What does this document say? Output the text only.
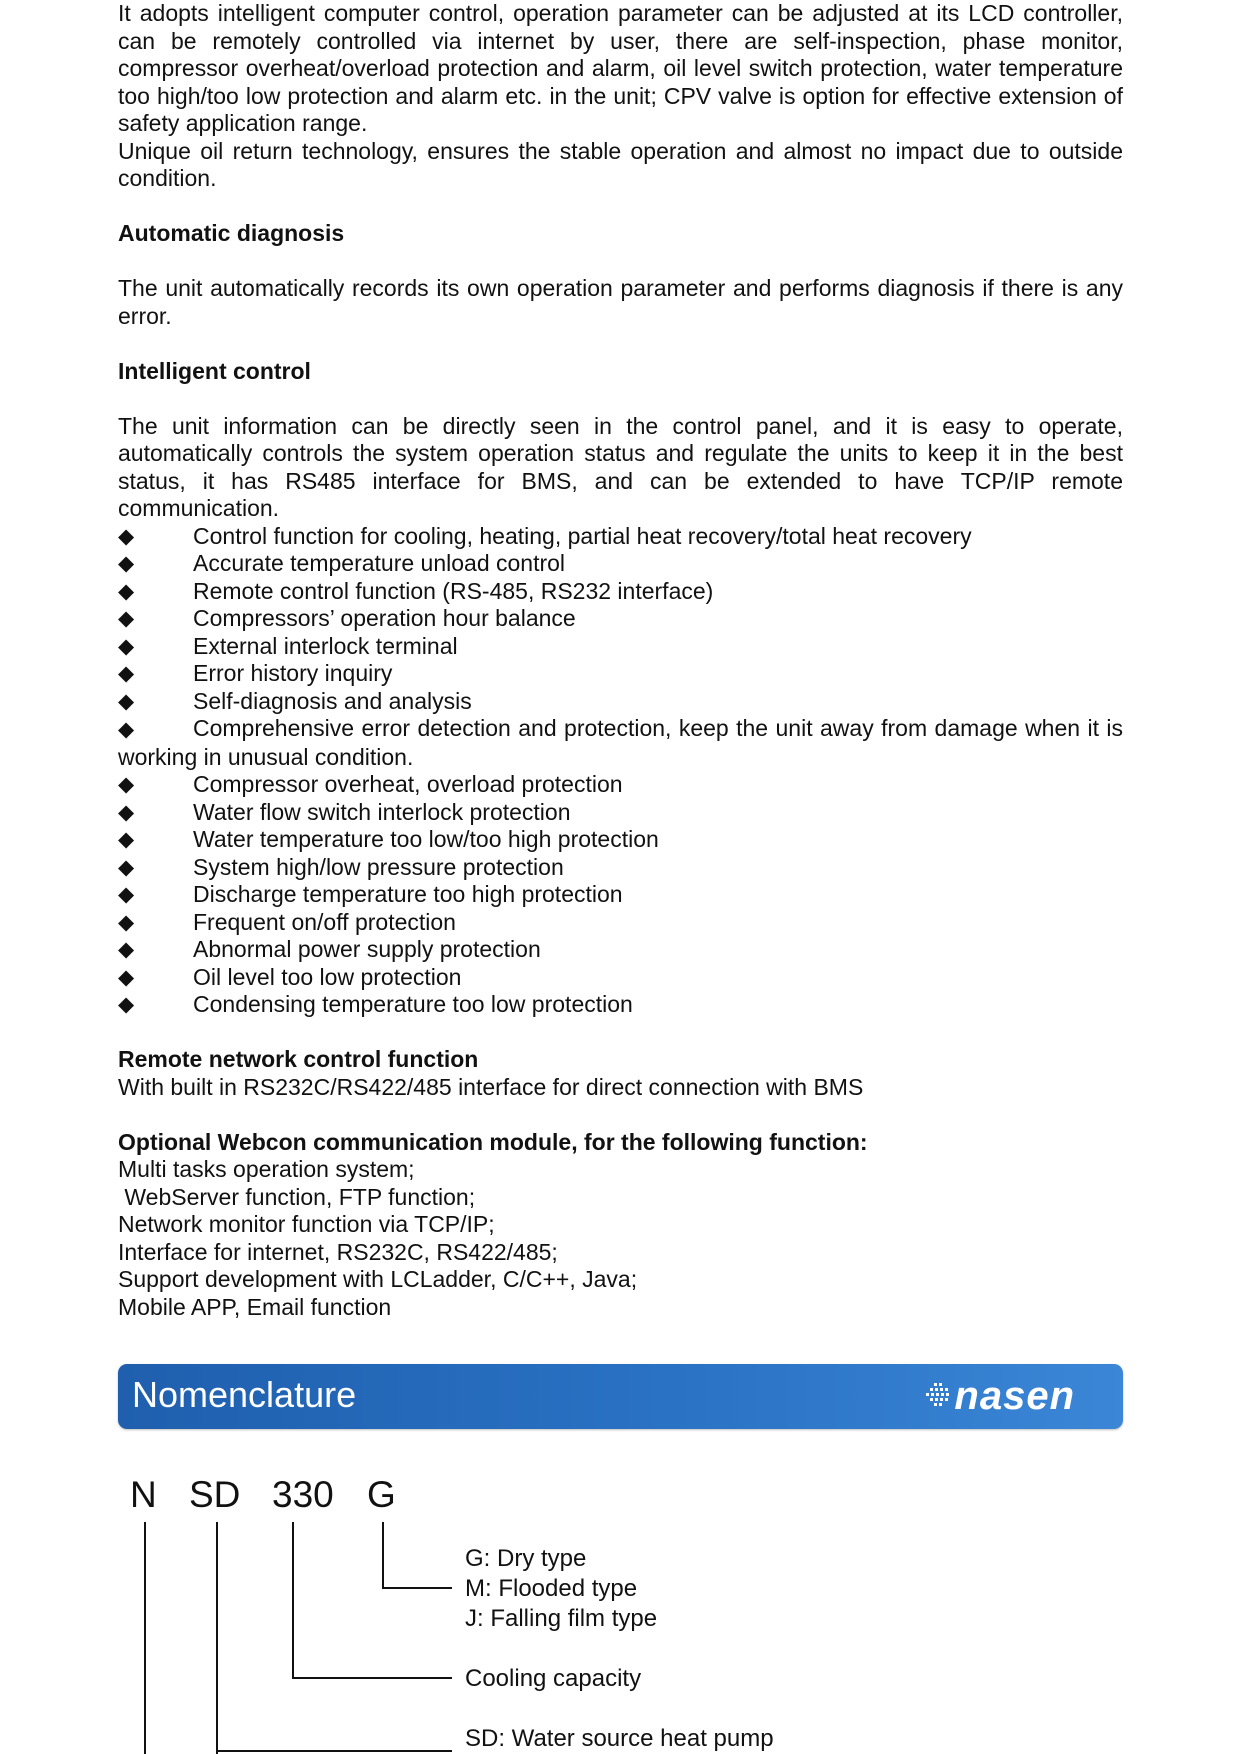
It adopts intelligent computer control, operation parameter can be adjusted at its LCD controller, can be remotely controlled via internet by user, there are self-inspection, phase monitor, compressor overheat/overload protection and alarm, oil level switch protection, water temperature too high/too low protection and alarm etc. in the unit; CPV valve is option for effective extension of safety application range.

Unique oil return technology, ensures the stable operation and almost no impact due to outside condition.

Automatic diagnosis

The unit automatically records its own operation parameter and performs diagnosis if there is any error.

Intelligent control

The unit information can be directly seen in the control panel, and it is easy to operate, automatically controls the system operation status and regulate the units to keep it in the best status, it has RS485 interface for BMS, and can be extended to have TCP/IP remote communication.

◆	Control function for cooling, heating, partial heat recovery/total heat recovery

◆	Accurate temperature unload control

◆	Remote control function (RS-485, RS232 interface)

◆	Compressors’ operation hour balance

◆	External interlock terminal

◆	Error history inquiry

◆	Self-diagnosis and analysis

◆	Comprehensive error detection and protection, keep the unit away from damage when it is working in unusual condition.

◆	Compressor overheat, overload protection

◆	Water flow switch interlock protection

◆	Water temperature too low/too high protection

◆	System high/low pressure protection

◆	Discharge temperature too high protection

◆	Frequent on/off protection

◆	Abnormal power supply protection

◆	Oil level too low protection

◆	Condensing temperature too low protection

Remote network control function

With built in RS232C/RS422/485 interface for direct connection with BMS

Optional Webcon communication module, for the following function:

Multi tasks operation system;

WebServer function, FTP function;

Network monitor function via TCP/IP;

Interface for internet, RS232C, RS422/485;

Support development with LCLadder, C/C++, Java;

Mobile APP, Email function

Nomenclature	nasen
N SD 330 G
G: Dry type
M: Flooded type
J: Falling film type
Cooling capacity
SD: Water source heat pump
